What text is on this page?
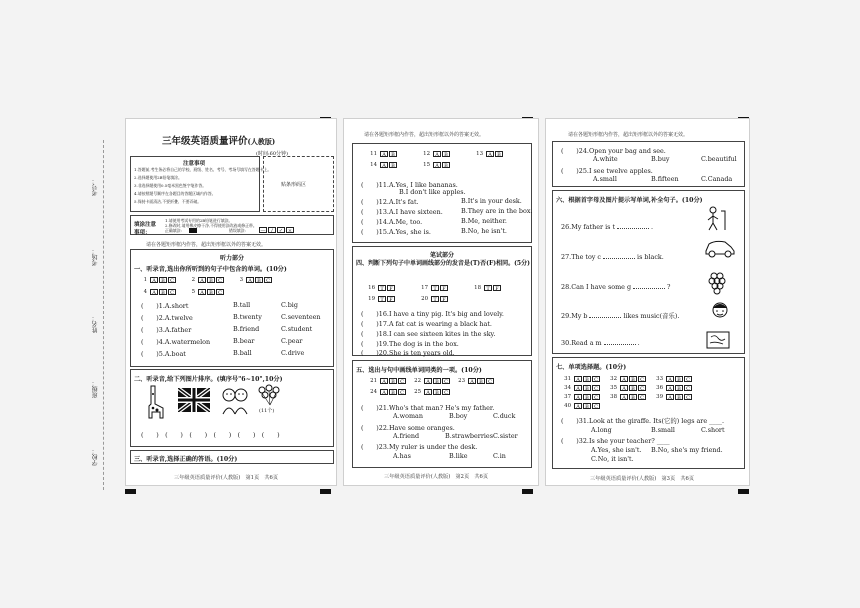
考号：
学校：
班级：
姓名：
考场：
三年级英语质量评价(人教版)
(时间:60分钟)
注意事项
1.答题前,考生务必将自己的学校、班级、姓名、考号、考场号填写在答题卡上。
2.选择题使用2B铅笔填涂。
3.非选择题使用0.5毫米黑色签字笔作答。
4.请按照题号顺序在各题目的答题区域内作答。
5.保持卡面清洁,不要折叠、不要弄破。
贴条形码区
填涂注意事项：
1.请使用考试专用的2B铅笔进行填涂。
2.修改时,请用橡皮擦干净,不得使用涂改液或修正带。
正确填涂:	错误填涂:	—	/	✓ ×
请在各题矩形框内作答，超出矩形框以外的答案无效。
听力部分
一、听录音,选出你所听到的句子中包含的单词。(10分)
1	A	B	C	2	A	B	C	3	A	B	C
4	A	B	C	5	A	B	C
(　　)1.A.short	B.tall	C.big
(　　)2.A.twelve	B.twenty	C.seventeen
(　　)3.A.father	B.friend	C.student
(　　)4.A.watermelon	B.bear	C.pear
(　　)5.A.boat	B.ball	C.drive
二、听录音,给下列图片排序。(填序号"6~10",10分)
(11个)
(　　)　(　　)　(　　)　(　　)　(　　)　(　　)
三、听录音,选择正确的答语。(10分)
三年级英语质量评价(人教版)　第1页　共6页
请在各题矩形框内作答，超出矩形框以外的答案无效。
11	A	B	12	A	B	13	A	B
14	A	B	15	A	B
(　　)11.A.Yes, I like bananas.
B.I don't like apples.
(　　)12.A.It's fat.	B.It's in your desk.
(　　)13.A.I have sixteen.	B.They are in the box.
(　　)14.A.Me, too.	B.Me, neither.
(　　)15.A.Yes, she is.	B.No, he isn't.
笔试部分
四、判断下列句子中单词画线部分的发音是(T)否(F)相同。(5分)
16	T	F	17	T	F	18	T	F
19	T	F	20	T	F
(　　)16.I have a tiny pig. It's big and lovely.
(　　)17.A fat cat is wearing a black hat.
(　　)18.I can see sixteen kites in the sky.
(　　)19.The dog is in the box.
(　　)20.She is ten years old.
五、选出与句中画线单词同类的一项。(10分)
21	A	B	C	22	A	B	C	23	A	B	C
24	A	B	C	25	A	B	C
(　　)21.Who's that man? He's my father.
A.woman	B.boy	C.duck
(　　)22.Have some oranges.
A.friend	B.strawberries C.sister
(　　)23.My ruler is under the desk.
A.has	B.like	C.in
三年级英语质量评价(人教版)　第2页　共6页
请在各题矩形框内作答，超出矩形框以外的答案无效。
(　　)24.Open your bag and see.
A.white	B.buy	C.beautiful
(　　)25.I see twelve apples.
A.small	B.fifteen	C.Canada
六、根据首字母及图片提示写单词,补全句子。(10分)
26.My father is t	.
27.The toy c	is black.
28.Can I have some g	?
29.My b	likes music(音乐).
30.Read a m	.
七、单项选择题。(10分)
31	A	B	C	32	A	B	C	33	A	B	C
34	A	B	C	35	A	B	C	36	A	B	C
37	A	B	C	38	A	B	C	39	A	B	C
40	A	B	C
(　　)31.Look at the giraffe. Its(它的) legs are ____.
A.long	B.small	C.short
(　　)32.Is she your teacher? ____
A.Yes, she isn't. B.No, she's my friend.
C.No, it isn't.
三年级英语质量评价(人教版)　第3页　共6页
